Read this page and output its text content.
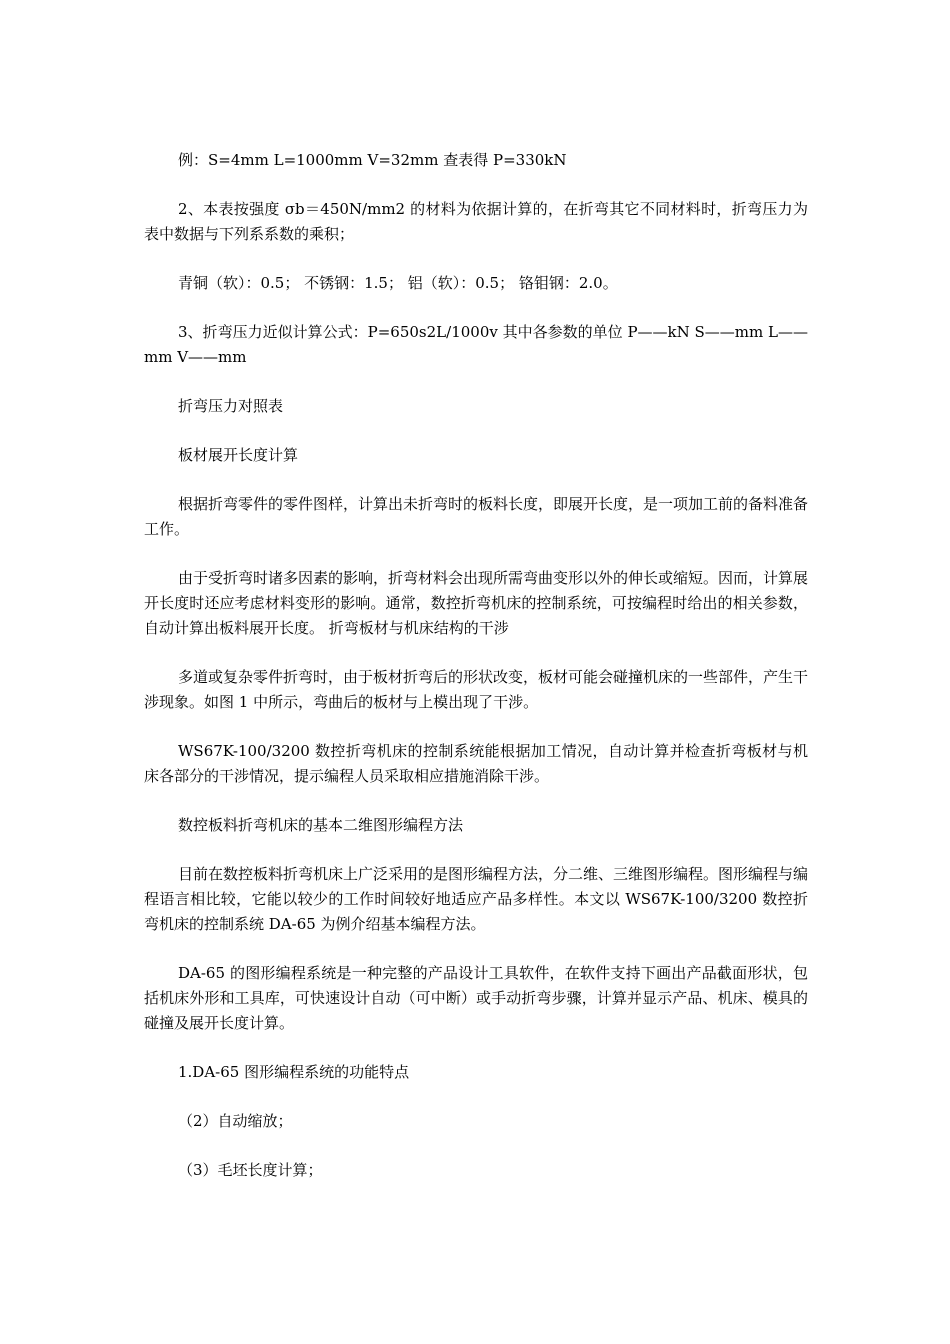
例：S=4mm L=1000mm V=32mm 查表得 P=330kN

2、本表按强度 σb＝450N/mm2 的材料为依据计算的，在折弯其它不同材料时，折弯压力为表中数据与下列系系数的乘积；

青铜（软）：0.5； 不锈钢：1.5； 铝（软）：0.5； 铬钼钢：2.0。

3、折弯压力近似计算公式：P=650s2L/1000v 其中各参数的单位 P——kN S——mm L——mm V——mm

折弯压力对照表

板材展开长度计算

根据折弯零件的零件图样，计算出未折弯时的板料长度，即展开长度，是一项加工前的备料准备工作。

由于受折弯时诸多因素的影响，折弯材料会出现所需弯曲变形以外的伸长或缩短。因而，计算展开长度时还应考虑材料变形的影响。通常，数控折弯机床的控制系统，可按编程时给出的相关参数，自动计算出板料展开长度。 折弯板材与机床结构的干涉

多道或复杂零件折弯时，由于板材折弯后的形状改变，板材可能会碰撞机床的一些部件，产生干涉现象。如图 1 中所示，弯曲后的板材与上模出现了干涉。

WS67K-100/3200 数控折弯机床的控制系统能根据加工情况，自动计算并检查折弯板材与机床各部分的干涉情况，提示编程人员采取相应措施消除干涉。

数控板料折弯机床的基本二维图形编程方法

目前在数控板料折弯机床上广泛采用的是图形编程方法，分二维、三维图形编程。图形编程与编程语言相比较，它能以较少的工作时间较好地适应产品多样性。本文以 WS67K-100/3200 数控折弯机床的控制系统 DA-65 为例介绍基本编程方法。

DA-65 的图形编程系统是一种完整的产品设计工具软件，在软件支持下画出产品截面形状，包括机床外形和工具库，可快速设计自动（可中断）或手动折弯步骤，计算并显示产品、机床、模具的碰撞及展开长度计算。

1.DA-65 图形编程系统的功能特点

（2）自动缩放；

（3）毛坯长度计算；
